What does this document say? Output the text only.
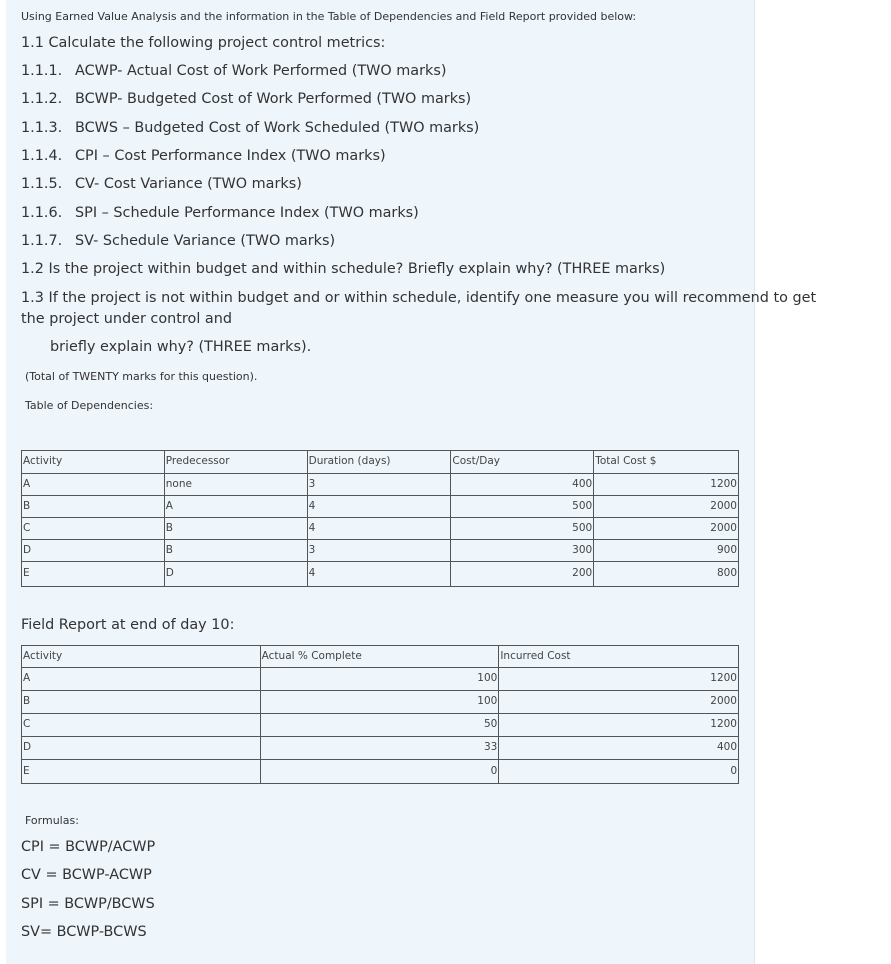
Using Earned Value Analysis and the information in the Table of Dependencies and Field Report provided below:
1.1 Calculate the following project control metrics:
1.1.1. ACWP- Actual Cost of Work Performed (TWO marks)
1.1.2. BCWP- Budgeted Cost of Work Performed (TWO marks)
1.1.3. BCWS – Budgeted Cost of Work Scheduled (TWO marks)
1.1.4. CPI – Cost Performance Index (TWO marks)
1.1.5. CV- Cost Variance (TWO marks)
1.1.6. SPI – Schedule Performance Index (TWO marks)
1.1.7. SV- Schedule Variance (TWO marks)
1.2 Is the project within budget and within schedule? Briefly explain why? (THREE marks)
1.3 If the project is not within budget and or within schedule, identify one measure you will recommend to get
the project under control and
briefly explain why? (THREE marks).
(Total of TWENTY marks for this question).
Table of Dependencies:
Activity	Predecessor	Duration (days)	Cost/Day	Total Cost $
A	none	3	400	1200
B	A	4	500	2000
C	B	4	500	2000
D	B	3	300	900
E	D	4	200	800
Field Report at end of day 10:
Activity	Actual % Complete	Incurred Cost
A	100	1200
B	100	2000
C	50	1200
D	33	400
E	0	0
Formulas:
CPI = BCWP/ACWP
CV = BCWP-ACWP
SPI = BCWP/BCWS
SV= BCWP-BCWS
